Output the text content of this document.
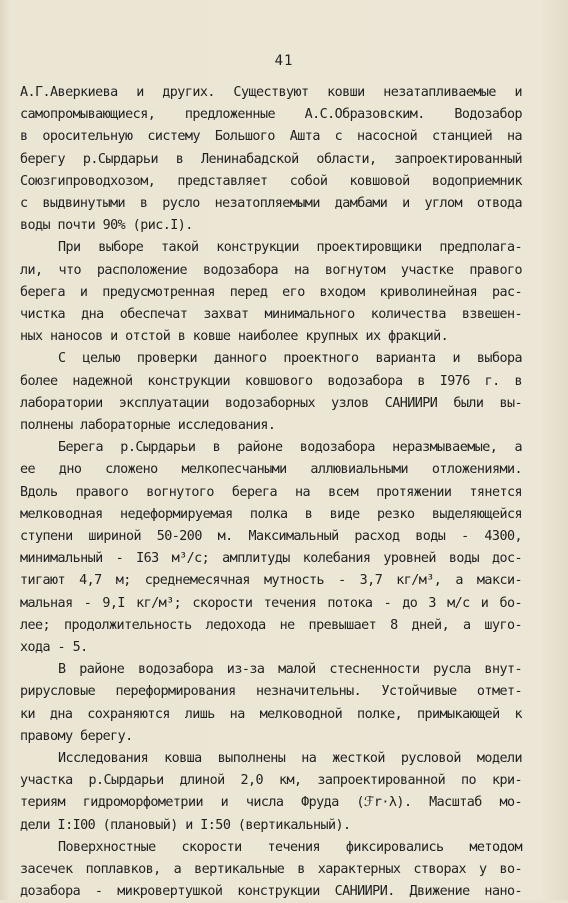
41
А.Г.Аверкиева и других. Существуют ковши незатапливаемые и
самопромывающиеся, предложенные А.С.Образовским. Водозабор
в оросительную систему Большого Ашта с насосной станцией на
берегу р.Сырдарьи в Ленинабадской области, запроектированный
Союзгипроводхозом, представляет собой ковшовой водоприемник
с выдвинутыми в русло незатопляемыми дамбами и углом отвода
воды почти 90% (рис.I).
При выборе такой конструкции проектировщики предполага-
ли, что расположение водозабора на вогнутом участке правого
берега и предусмотренная перед его входом криволинейная рас-
чистка дна обеспечат захват минимального количества взвешен-
ных наносов и отстой в ковше наиболее крупных их фракций.
С целью проверки данного проектного варианта и выбора
более надежной конструкции ковшового водозабора в I976 г. в
лаборатории эксплуатации водозаборных узлов САНИИРИ были вы-
полнены лабораторные исследования.
Берега р.Сырдарьи в районе водозабора неразмываемые, а
ее дно сложено мелкопесчаными аллювиальными отложениями.
Вдоль правого вогнутого берега на всем протяжении тянется
мелководная недеформируемая полка в виде резко выделяющейся
ступени шириной 50-200 м. Максимальный расход воды - 4300,
минимальный - I63 м³/с; амплитуды колебания уровней воды дос-
тигают 4,7 м; среднемесячная мутность - 3,7 кг/м³, а макси-
мальная - 9,I кг/м³; скорости течения потока - до 3 м/с и бо-
лее; продолжительность ледохода не превышает 8 дней, а шуго-
хода - 5.
В районе водозабора из-за малой стесненности русла внут-
рирусловые переформирования незначительны. Устойчивые отмет-
ки дна сохраняются лишь на мелководной полке, примыкающей к
правому берегу.
Исследования ковша выполнены на жесткой русловой модели
участка р.Сырдарьи длиной 2,0 км, запроектированной по кри-
териям гидроморфометрии и числа Фруда (ℱr·λ). Масштаб мо-
дели I:I00 (плановый) и I:50 (вертикальный).
Поверхностные скорости течения фиксировались методом
засечек поплавков, а вертикальные в характерных створах у во-
дозабора - микровертушкой конструкции САНИИРИ. Движение нано-
